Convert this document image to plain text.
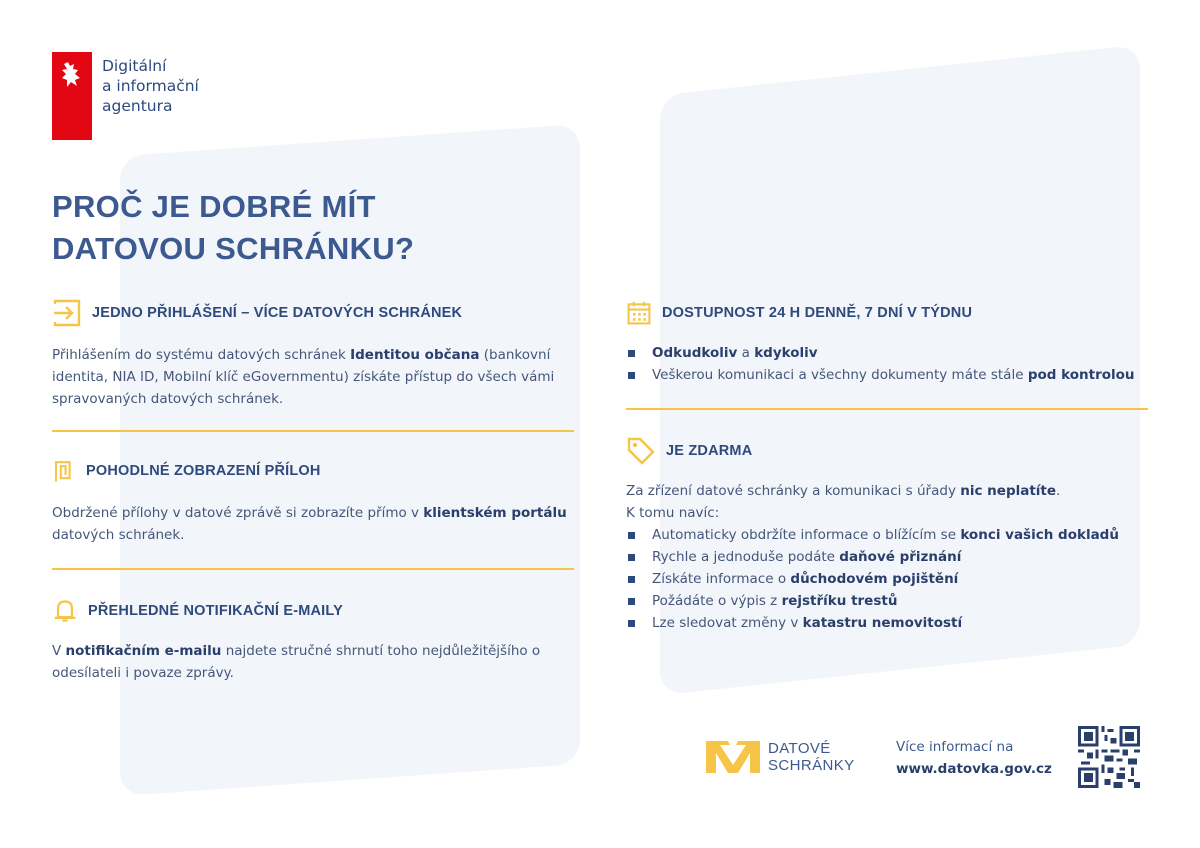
Digitální
a informační
agentura
PROČ JE DOBRÉ MÍT
DATOVOU SCHRÁNKU?
JEDNO PŘIHLÁŠENÍ – VÍCE DATOVÝCH SCHRÁNEK

Přihlášením do systému datových schránek Identitou občana (bankovní identita, NIA ID, Mobilní klíč eGovernmentu) získáte přístup do všech vámi spravovaných datových schránek.

POHODLNÉ ZOBRAZENÍ PŘÍLOH

Obdržené přílohy v datové zprávě si zobrazíte přímo v klientském portálu datových schránek.

PŘEHLEDNÉ NOTIFIKAČNÍ E-MAILY

V notifikačním e-mailu najdete stručné shrnutí toho nejdůležitějšího o odesílateli i povaze zprávy.

DOSTUPNOST 24 H DENNĚ, 7 DNÍ V TÝDNU
Odkudkoliv a kdykoliv
Veškerou komunikaci a všechny dokumenty máte stále pod kontrolou
JE ZDARMA

Za zřízení datové schránky a komunikaci s úřady nic neplatíte.
K tomu navíc:

Automaticky obdržíte informace o blížícím se konci vašich dokladů
Rychle a jednoduše podáte daňové přiznání
Získáte informace o důchodovém pojištění
Požádáte o výpis z rejstříku trestů
Lze sledovat změny v katastru nemovitostí
DATOVÉ
SCHRÁNKY
Více informací na
www.datovka.gov.cz
